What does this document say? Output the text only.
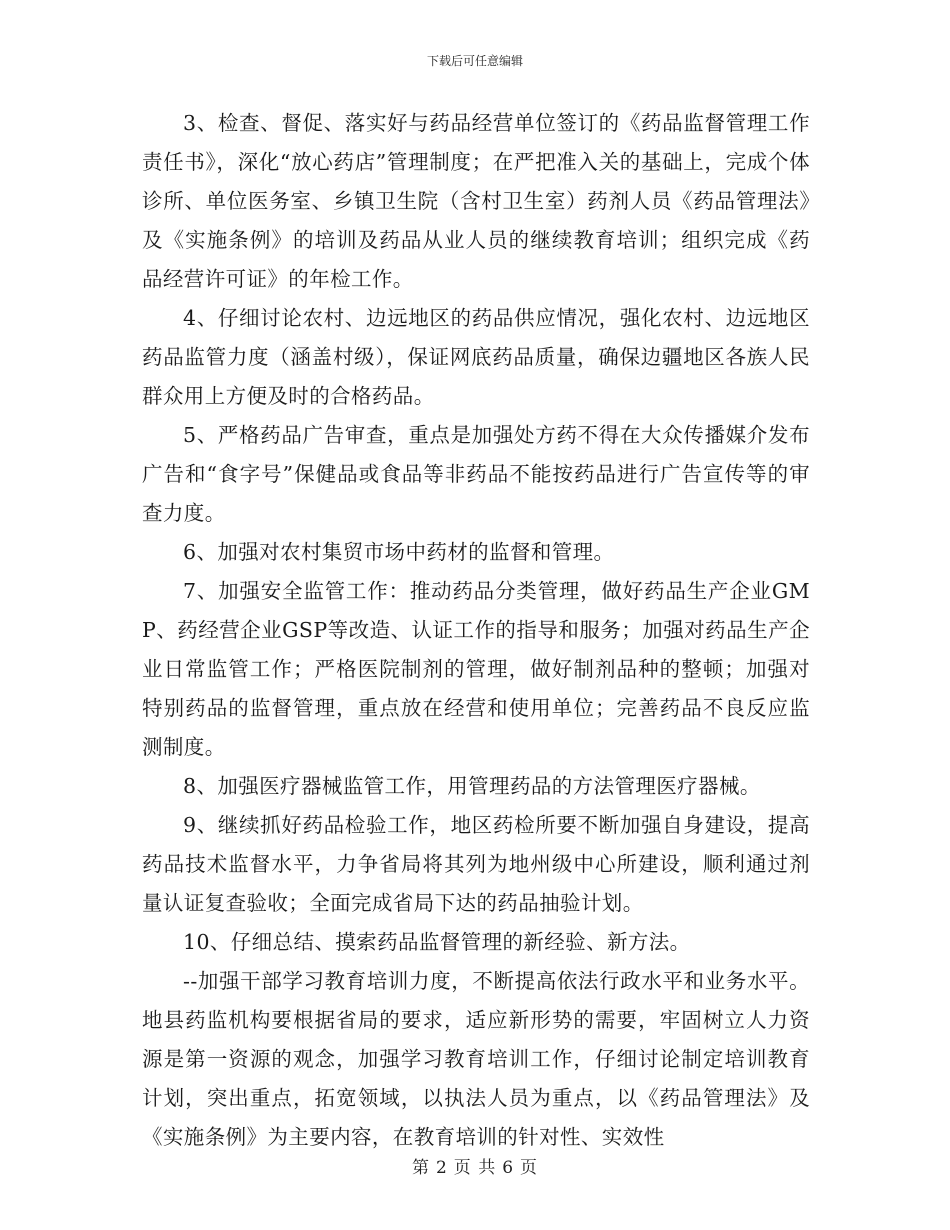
下载后可任意编辑

3、检查、督促、落实好与药品经营单位签订的《药品监督管理工作责任书》，深化“放心药店”管理制度；在严把准入关的基础上，完成个体诊所、单位医务室、乡镇卫生院（含村卫生室）药剂人员《药品管理法》及《实施条例》的培训及药品从业人员的继续教育培训；组织完成《药品经营许可证》的年检工作。

4、仔细讨论农村、边远地区的药品供应情况，强化农村、边远地区药品监管力度（涵盖村级），保证网底药品质量，确保边疆地区各族人民群众用上方便及时的合格药品。

5、严格药品广告审查，重点是加强处方药不得在大众传播媒介发布广告和“食字号”保健品或食品等非药品不能按药品进行广告宣传等的审查力度。

6、加强对农村集贸市场中药材的监督和管理。

7、加强安全监管工作：推动药品分类管理，做好药品生产企业GMP、药经营企业GSP等改造、认证工作的指导和服务；加强对药品生产企业日常监管工作；严格医院制剂的管理，做好制剂品种的整顿；加强对特别药品的监督管理，重点放在经营和使用单位；完善药品不良反应监测制度。

8、加强医疗器械监管工作，用管理药品的方法管理医疗器械。

9、继续抓好药品检验工作，地区药检所要不断加强自身建设，提高药品技术监督水平，力争省局将其列为地州级中心所建设，顺利通过剂量认证复查验收；全面完成省局下达的药品抽验计划。

10、仔细总结、摸索药品监督管理的新经验、新方法。

--加强干部学习教育培训力度，不断提高依法行政水平和业务水平。地县药监机构要根据省局的要求，适应新形势的需要，牢固树立人力资源是第一资源的观念，加强学习教育培训工作，仔细讨论制定培训教育计划，突出重点，拓宽领域，以执法人员为重点，以《药品管理法》及《实施条例》为主要内容，在教育培训的针对性、实效性

第 2 页 共 6 页
